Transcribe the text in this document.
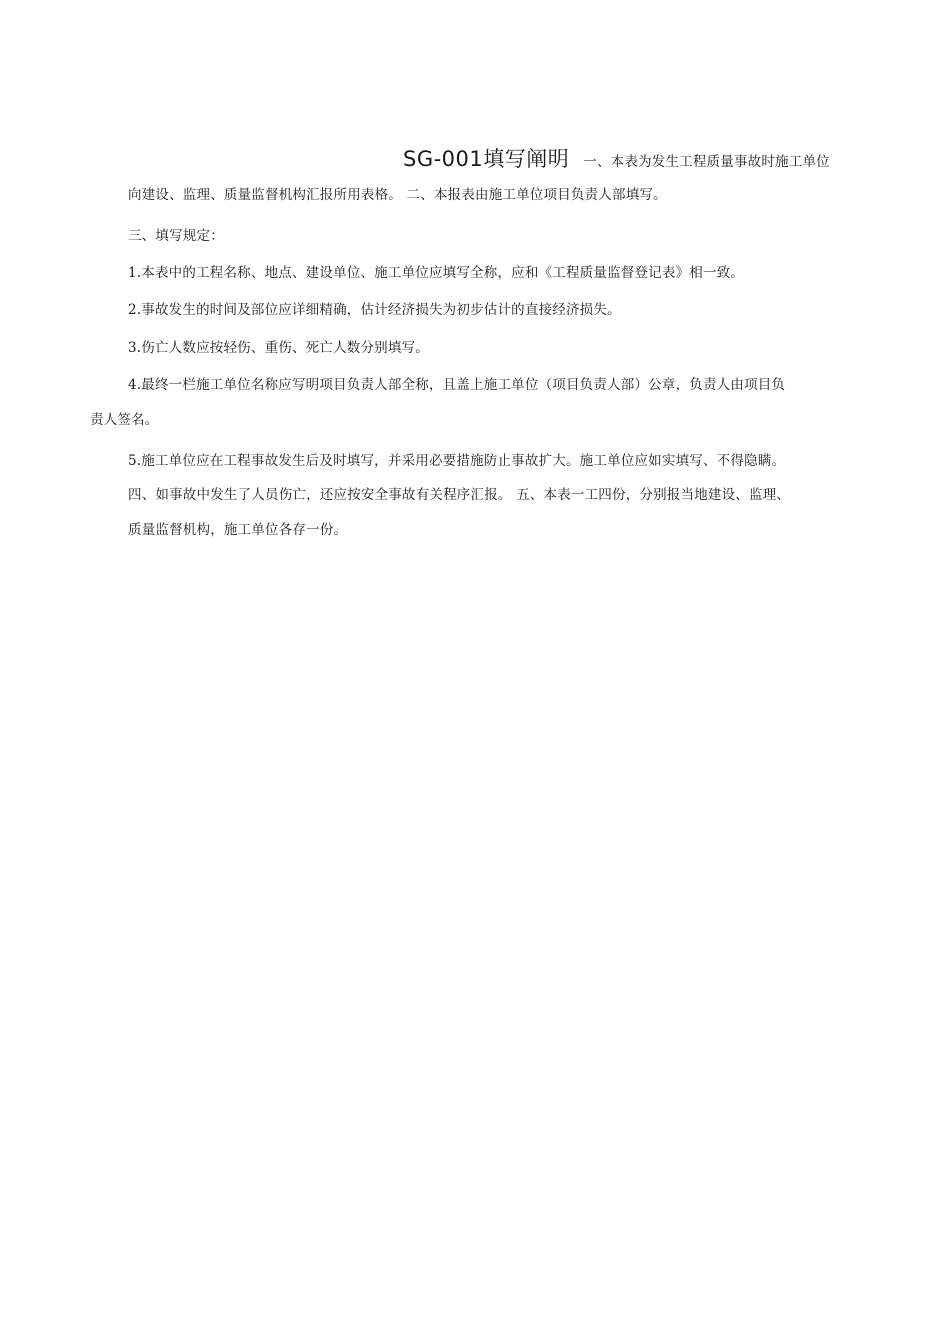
SG-001填写阐明 一、本表为发生工程质量事故时施工单位
向建设、监理、质量监督机构汇报所用表格。 二、本报表由施工单位项目负责人部填写。
三、填写规定：
1.本表中的工程名称、地点、建设单位、施工单位应填写全称，应和《工程质量监督登记表》相一致。
2.事故发生的时间及部位应详细精确，估计经济损失为初步估计的直接经济损失。
3.伤亡人数应按轻伤、重伤、死亡人数分别填写。
4.最终一栏施工单位名称应写明项目负责人部全称，且盖上施工单位（项目负责人部）公章，负责人由项目负
责人签名。
5.施工单位应在工程事故发生后及时填写，并采用必要措施防止事故扩大。施工单位应如实填写、不得隐瞒。
四、如事故中发生了人员伤亡，还应按安全事故有关程序汇报。 五、本表一工四份，分别报当地建设、监理、
质量监督机构，施工单位各存一份。
